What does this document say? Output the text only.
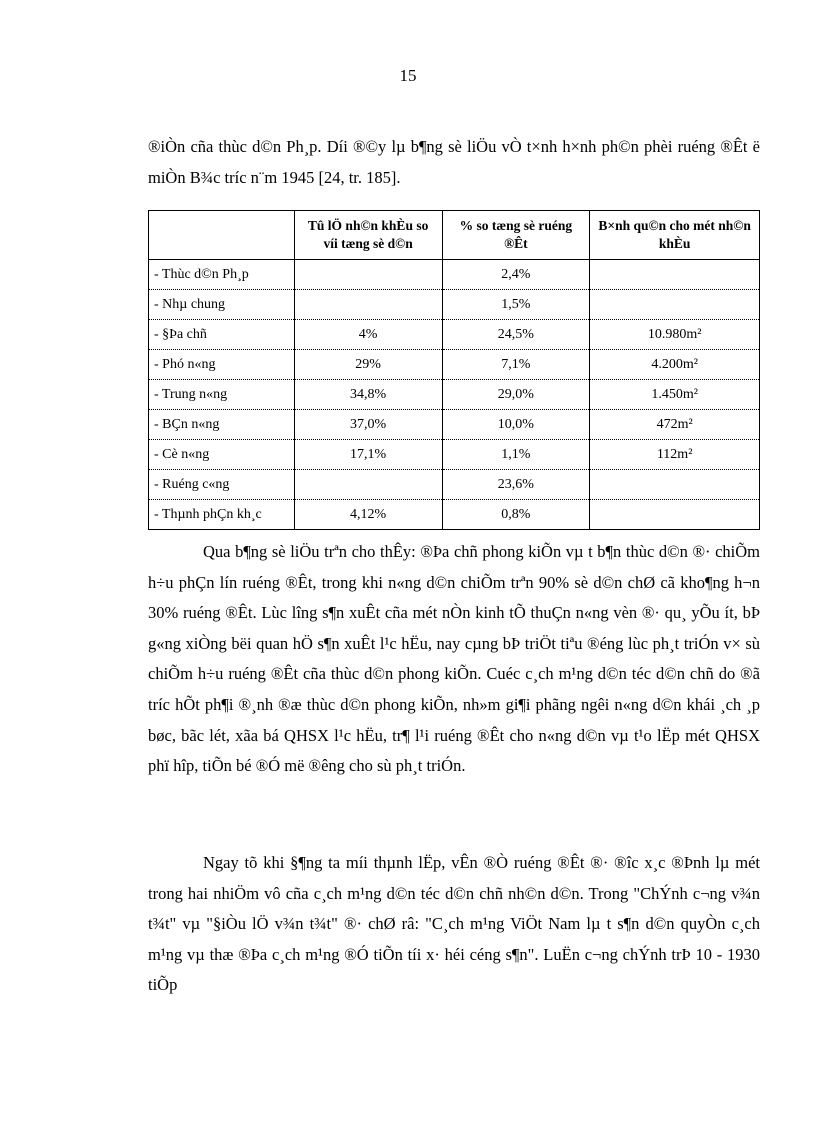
15

®iÒn cña thùc d©n Ph¸p. Díi ®©y lµ b¶ng sè liÖu vÒ t×nh h×nh ph©n phèi ruéng ®Êt ë miÒn B¾c tríc n¨m 1945 [24, tr. 185].

	Tû lÖ nh©n khÈu so víi tæng sè d©n	% so tæng sè ruéng ®Êt	B×nh qu©n cho mét nh©n khÈu
- Thùc d©n Ph¸p		2,4%	
- Nhµ chung		1,5%	
- §Þa chñ	4%	24,5%	10.980m²
- Phó n«ng	29%	7,1%	4.200m²
- Trung n«ng	34,8%	29,0%	1.450m²
- BÇn n«ng	37,0%	10,0%	472m²
- Cè n«ng	17,1%	1,1%	112m²
- Ruéng c«ng		23,6%	
- Thµnh phÇn kh¸c	4,12%	0,8%	

Qua b¶ng sè liÖu trªn cho thÊy: ®Þa chñ phong kiÕn vµ t b¶n thùc d©n ®· chiÕm h÷u phÇn lín ruéng ®Êt, trong khi n«ng d©n chiÕm trªn 90% sè d©n chØ cã kho¶ng h¬n 30% ruéng ®Êt. Lùc lîng s¶n xuÊt cña mét nÒn kinh tÕ thuÇn n«ng vèn ®· qu¸ yÕu ít, bÞ g«ng xiÒng bëi quan hÖ s¶n xuÊt l¹c hËu, nay cµng bÞ triÖt tiªu ®éng lùc ph¸t triÓn v× sù chiÕm h÷u ruéng ®Êt cña thùc d©n phong kiÕn. Cuéc c¸ch m¹ng d©n téc d©n chñ do ®ã tríc hÕt ph¶i ®¸nh ®æ thùc d©n phong kiÕn, nh»m gi¶i phãng ngêi n«ng d©n khái ¸ch ¸p bøc, bãc lét, xãa bá QHSX l¹c hËu, tr¶ l¹i ruéng ®Êt cho n«ng d©n vµ t¹o lËp mét QHSX phï hîp, tiÕn bé ®Ó më ®êng cho sù ph¸t triÓn.

Ngay tõ khi §¶ng ta míi thµnh lËp, vÊn ®Ò ruéng ®Êt ®· ®îc x¸c ®Þnh lµ mét trong hai nhiÖm vô cña c¸ch m¹ng d©n téc d©n chñ nh©n d©n. Trong "ChÝnh c¬ng v¾n t¾t" vµ "§iÒu lÖ v¾n t¾t" ®· chØ râ: "C¸ch m¹ng ViÖt Nam lµ t s¶n d©n quyÒn c¸ch m¹ng vµ thæ ®Þa c¸ch m¹ng ®Ó tiÕn tíi x· héi céng s¶n". LuËn c¬ng chÝnh trÞ 10 - 1930 tiÕp
